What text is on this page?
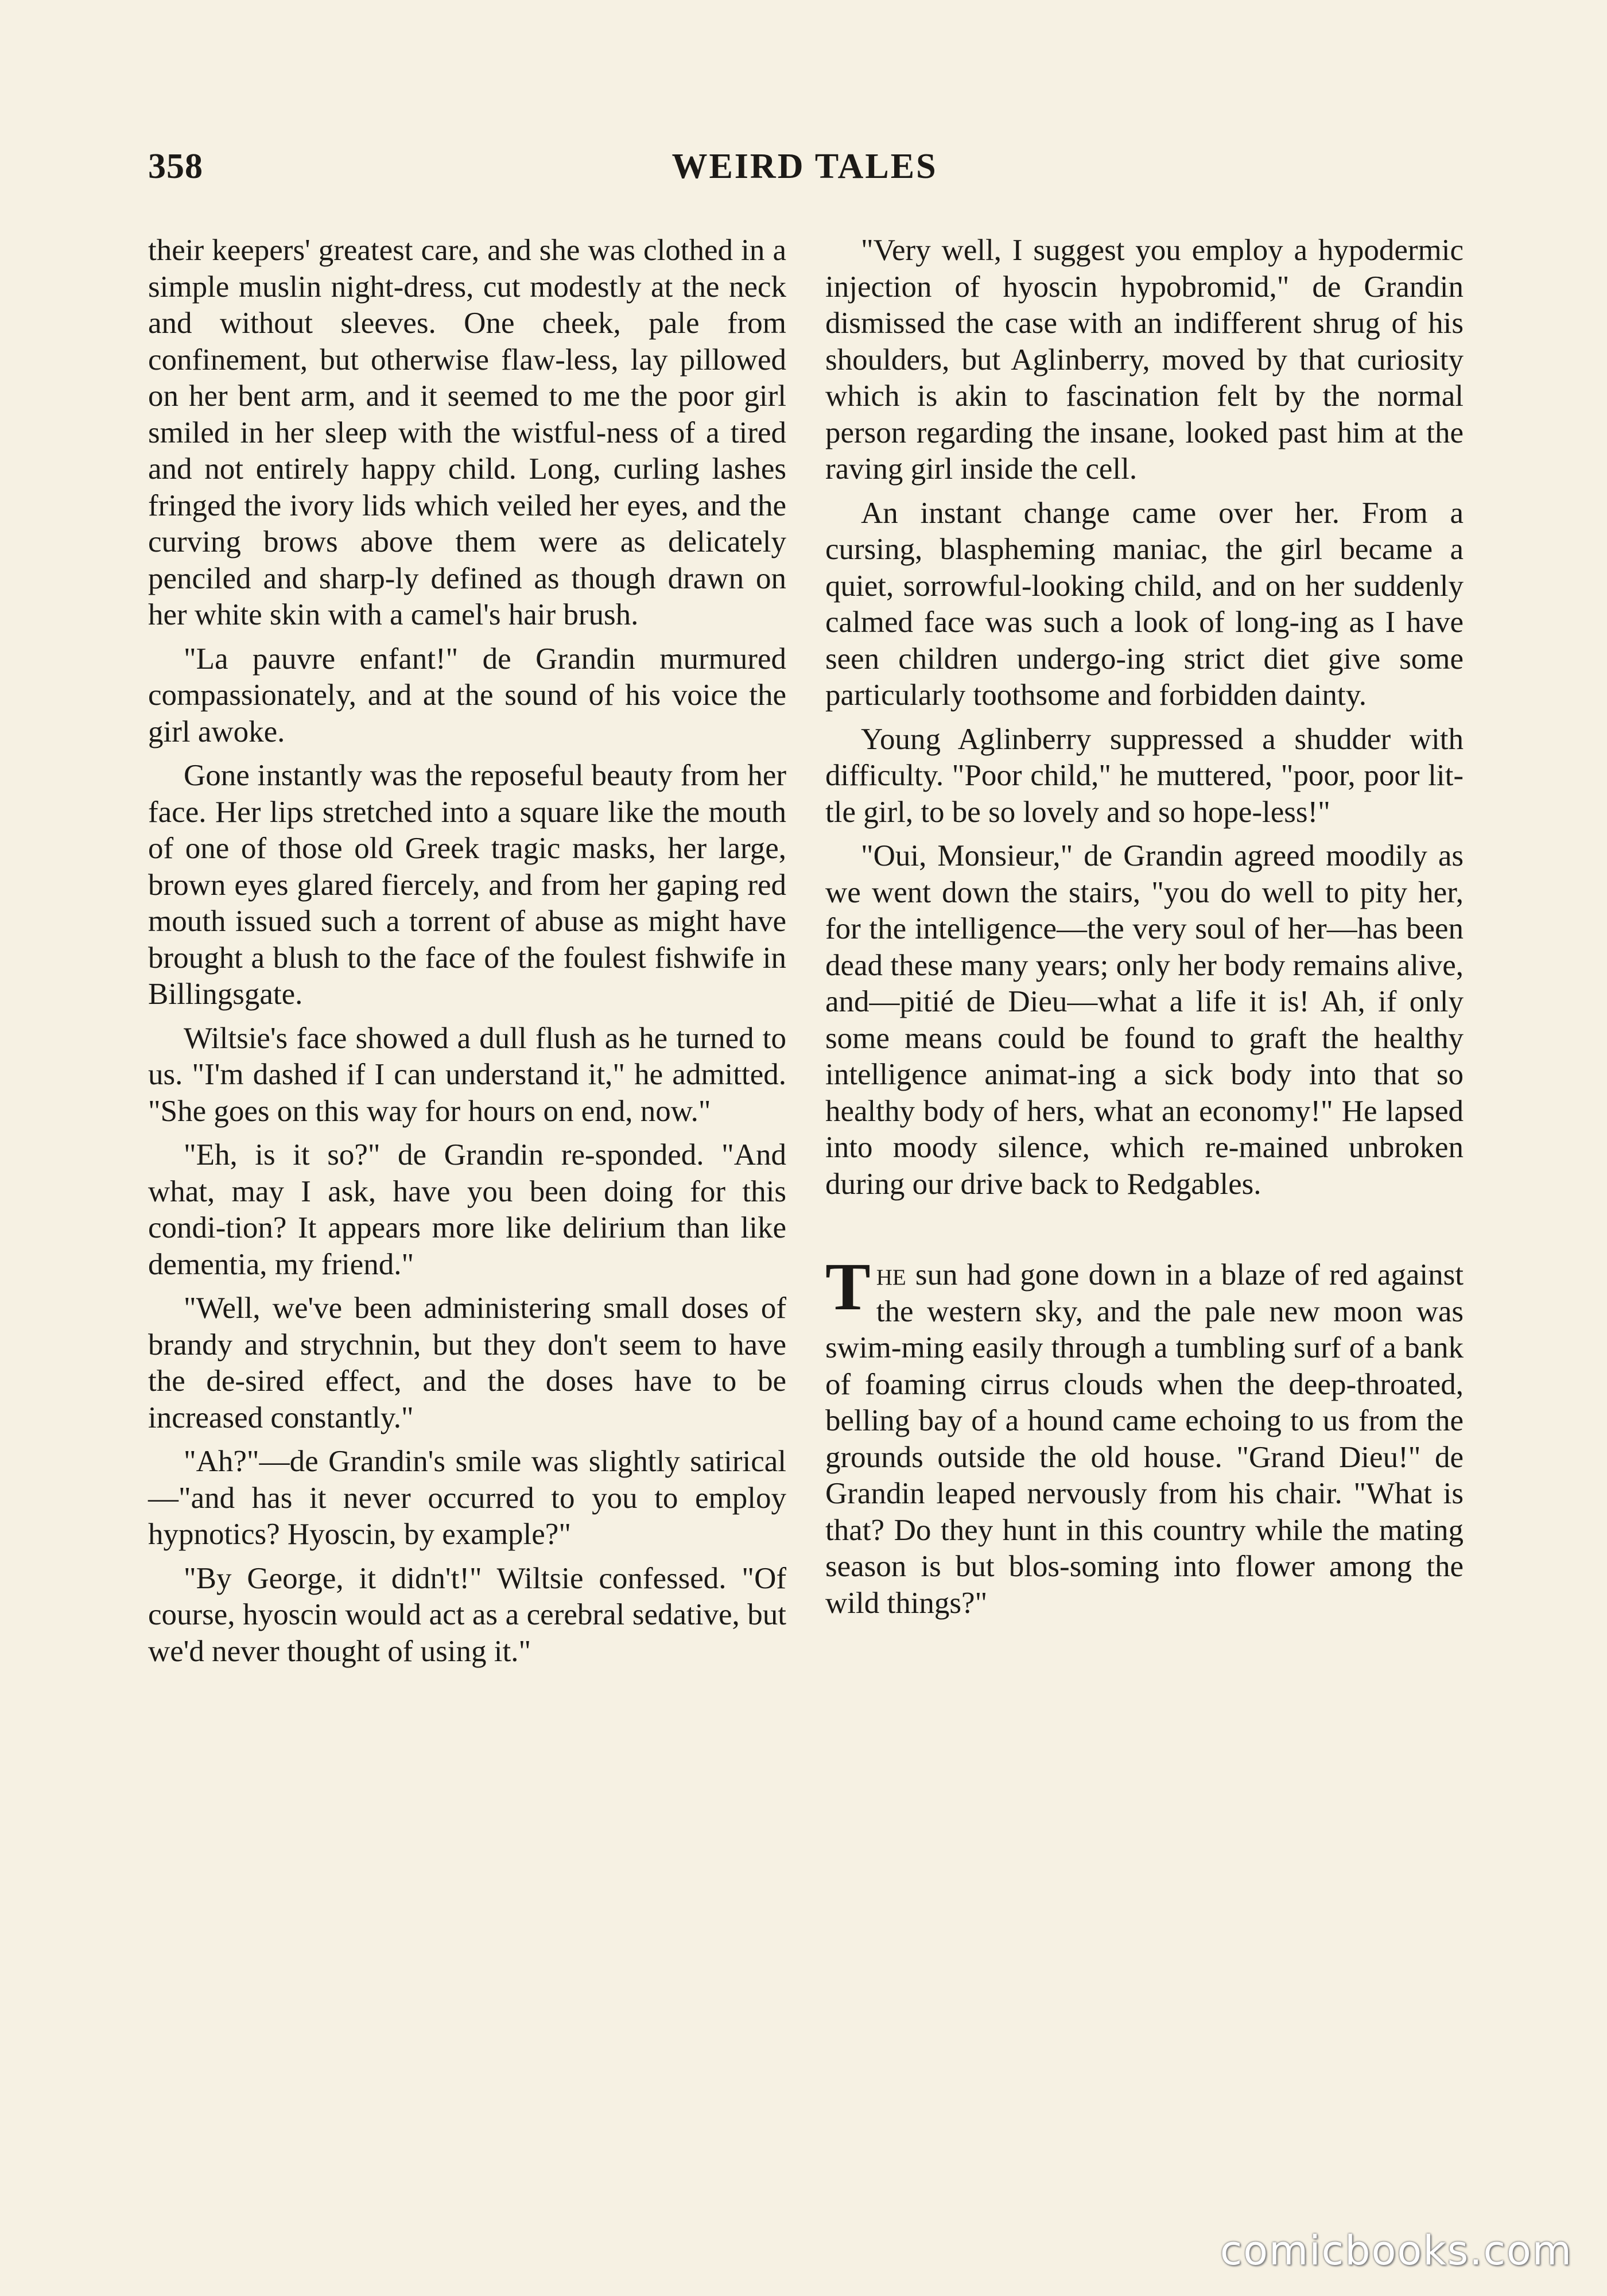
358	WEIRD TALES

their keepers' greatest care, and she was clothed in a simple muslin night-dress, cut modestly at the neck and without sleeves. One cheek, pale from confinement, but otherwise flaw-less, lay pillowed on her bent arm, and it seemed to me the poor girl smiled in her sleep with the wistful-ness of a tired and not entirely happy child. Long, curling lashes fringed the ivory lids which veiled her eyes, and the curving brows above them were as delicately penciled and sharp-ly defined as though drawn on her white skin with a camel's hair brush.

"La pauvre enfant!" de Grandin murmured compassionately, and at the sound of his voice the girl awoke.

Gone instantly was the reposeful beauty from her face. Her lips stretched into a square like the mouth of one of those old Greek tragic masks, her large, brown eyes glared fiercely, and from her gaping red mouth issued such a torrent of abuse as might have brought a blush to the face of the foulest fishwife in Billingsgate.

Wiltsie's face showed a dull flush as he turned to us. "I'm dashed if I can understand it," he admitted. "She goes on this way for hours on end, now."

"Eh, is it so?" de Grandin re-sponded. "And what, may I ask, have you been doing for this condi-tion? It appears more like delirium than like dementia, my friend."

"Well, we've been administering small doses of brandy and strychnin, but they don't seem to have the de-sired effect, and the doses have to be increased constantly."

"Ah?"—de Grandin's smile was slightly satirical—"and has it never occurred to you to employ hypnotics? Hyoscin, by example?"

"By George, it didn't!" Wiltsie confessed. "Of course, hyoscin would act as a cerebral sedative, but we'd never thought of using it."

"Very well, I suggest you employ a hypodermic injection of hyoscin hypobromid," de Grandin dismissed the case with an indifferent shrug of his shoulders, but Aglinberry, moved by that curiosity which is akin to fascination felt by the normal person regarding the insane, looked past him at the raving girl inside the cell.

An instant change came over her. From a cursing, blaspheming maniac, the girl became a quiet, sorrowful-looking child, and on her suddenly calmed face was such a look of long-ing as I have seen children undergo-ing strict diet give some particularly toothsome and forbidden dainty.

Young Aglinberry suppressed a shudder with difficulty. "Poor child," he muttered, "poor, poor lit-tle girl, to be so lovely and so hope-less!"

"Oui, Monsieur," de Grandin agreed moodily as we went down the stairs, "you do well to pity her, for the intelligence—the very soul of her—has been dead these many years; only her body remains alive, and—pitié de Dieu—what a life it is! Ah, if only some means could be found to graft the healthy intelligence animat-ing a sick body into that so healthy body of hers, what an economy!" He lapsed into moody silence, which re-mained unbroken during our drive back to Redgables.

The sun had gone down in a blaze of red against the western sky, and the pale new moon was swim-ming easily through a tumbling surf of a bank of foaming cirrus clouds when the deep-throated, belling bay of a hound came echoing to us from the grounds outside the old house. "Grand Dieu!" de Grandin leaped nervously from his chair. "What is that? Do they hunt in this country while the mating season is but blos-soming into flower among the wild things?"

comicbooks.com
